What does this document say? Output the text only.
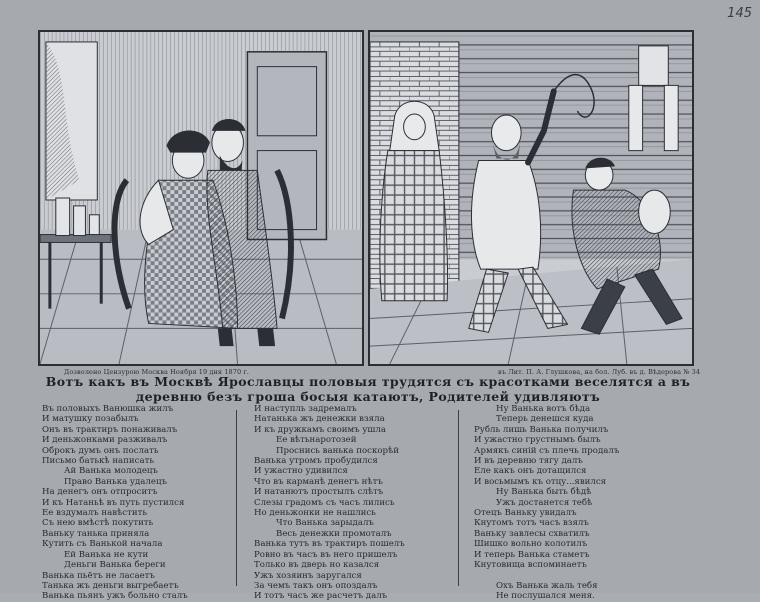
145
Дозволено Цензурою Москва Ноября 19 дня 1870 г.	въ Лит. П. А. Глушкова, на бол. Луб. въ д. Вѣдерова № 34
Вотъ какъ въ Москвѣ Ярославцы половыя трудятся съ красотками веселятся а въ
деревню безъ гроша босыя катаютъ, Родителей удивляютъ
Въ половыхъ Ванюшка жилъ
И матушку позабылъ
Онъ въ трактиръ понаживалъ
И деньжонками разживалъ
Оброкъ думъ онъ послать
Письмо батькѣ написать
Ай Ванька молодецъ
Право Ванька удалецъ
На денегъ онъ отпроситъ
И къ Натаньѣ въ путь пустился
Ее вздумалъ навѣстить
Съ нею вмѣстѣ покутить
Ваньку танька приняла
Кутить съ Ванькой начала
Ей Ванька не кути
Деньги Ванька береги
Ванька пьётъ не ласаетъ
Танька жъ деньги выгребаетъ
Ванька пьянъ ужъ больно сталъ
И наступль задремалъ
Натанька жъ денежки взяла
И къ дружкамъ своимъ ушла
Ее вѣтьнаротозей
Проснись ванька поскорѣй
Ванька утромъ пробудился
И ужастно удивился
Что въ карманѣ денегъ нѣтъ
И натанютъ простылъ слѣтъ
Слезы градомъ съ часъ лились
Но деньжонки не нашлись
Что Ванька зарыдалъ
Весь денежки промоталъ
Ванька тутъ въ трактиръ пошелъ
Ровно въ часъ въ него пришелъ
Только въ дверь но казался
Ужъ хозяинъ заругался
За чемъ такъ онъ опоздалъ
И тотъ часъ же расчетъ далъ
Ну Ванька вотъ бѣда
Теперь денешся куда
Рубль лишь Ванька получилъ
И ужастно грустнымъ былъ
Армякъ синій съ плечь продалъ
И въ деревню тягу далъ
Еле какъ онъ дотащился
И восьмымъ къ отцу...явился
Ну Ванька быть бѣдѣ
Ужъ достанется тебѣ
Отецъ Ваньку увидалъ
Кнутомъ тотъ часъ взялъ
Ваньку завлесы схватилъ
Шишко вольно колотилъ
И теперь Ванька стаметъ
Кнутовища вспоминаетъ

Охъ Ванька жаль тебя
Не послушался меня.
